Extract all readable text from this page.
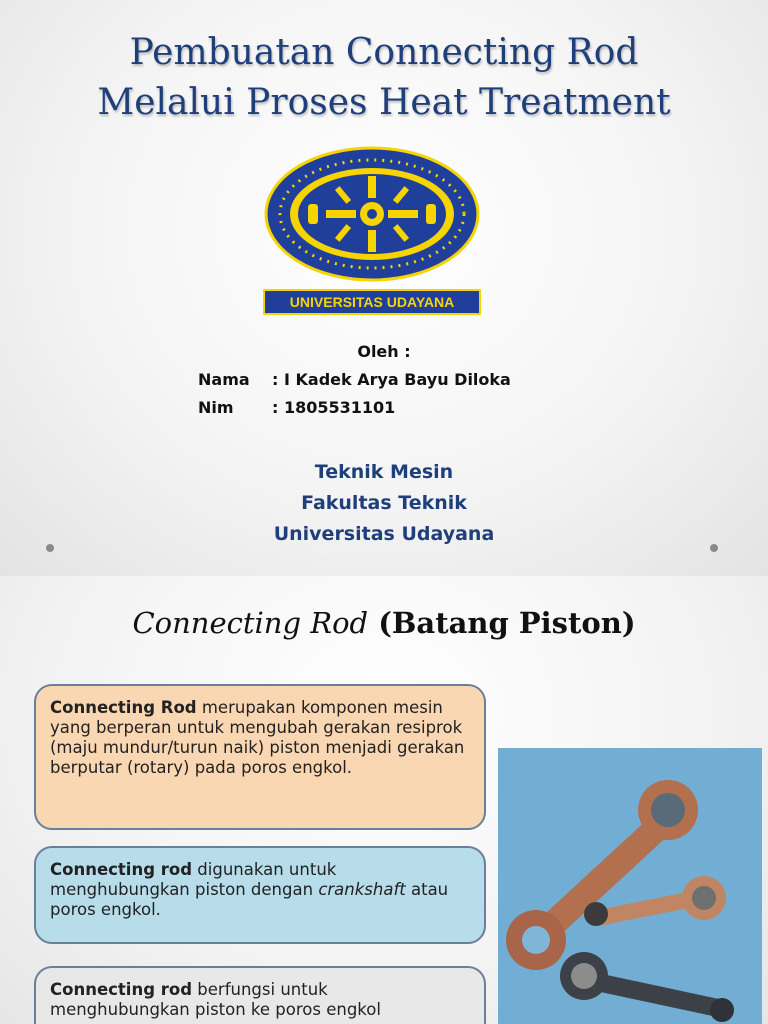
Pembuatan Connecting Rod
Melalui Proses Heat Treatment
UNIVERSITAS UDAYANA
Oleh :
Nama : I Kadek Arya Bayu Diloka
Nim : 1805531101
Teknik Mesin
Fakultas Teknik
Universitas Udayana
Connecting Rod (Batang Piston)
Connecting Rod merupakan komponen mesin yang berperan untuk mengubah gerakan resiprok (maju mundur/turun naik) piston menjadi gerakan berputar (rotary) pada poros engkol.
Connecting rod digunakan untuk menghubungkan piston dengan crankshaft atau poros engkol.
Connecting rod berfungsi untuk menghubungkan piston ke poros engkol
